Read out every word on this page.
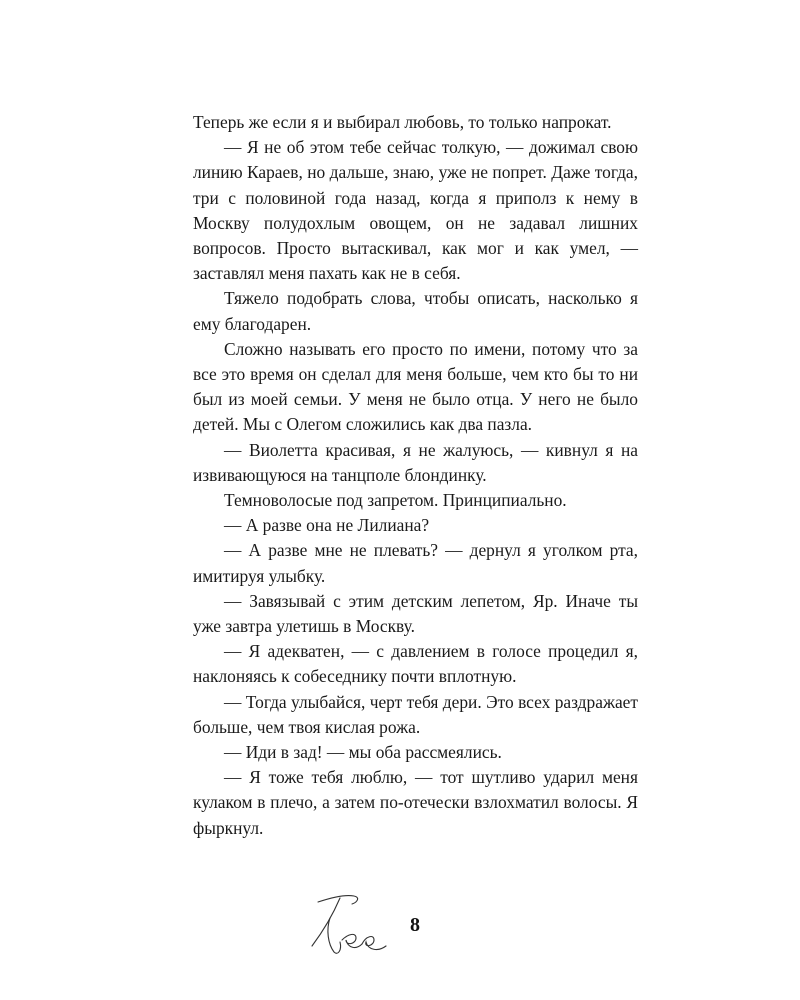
Теперь же если я и выбирал любовь, то только напрокат.

— Я не об этом тебе сейчас толкую, — дожимал свою линию Караев, но дальше, знаю, уже не попрет. Даже тогда, три с половиной года назад, когда я приполз к нему в Москву полудохлым овощем, он не задавал лишних вопросов. Просто вытаскивал, как мог и как умел, — заставлял меня пахать как не в себя.

Тяжело подобрать слова, чтобы описать, насколько я ему благодарен.

Сложно называть его просто по имени, потому что за все это время он сделал для меня больше, чем кто бы то ни был из моей семьи. У меня не было отца. У него не было детей. Мы с Олегом сложились как два пазла.

— Виолетта красивая, я не жалуюсь, — кивнул я на извивающуюся на танцполе блондинку.

Темноволосые под запретом. Принципиально.

— А разве она не Лилиана?

— А разве мне не плевать? — дернул я уголком рта, имитируя улыбку.

— Завязывай с этим детским лепетом, Яр. Иначе ты уже завтра улетишь в Москву.

— Я адекватен, — с давлением в голосе процедил я, наклоняясь к собеседнику почти вплотную.

— Тогда улыбайся, черт тебя дери. Это всех раздражает больше, чем твоя кислая рожа.

— Иди в зад! — мы оба рассмеялись.

— Я тоже тебя люблю, — тот шутливо ударил меня кулаком в плечо, а затем по-отечески взлохматил волосы. Я фыркнул.

8
